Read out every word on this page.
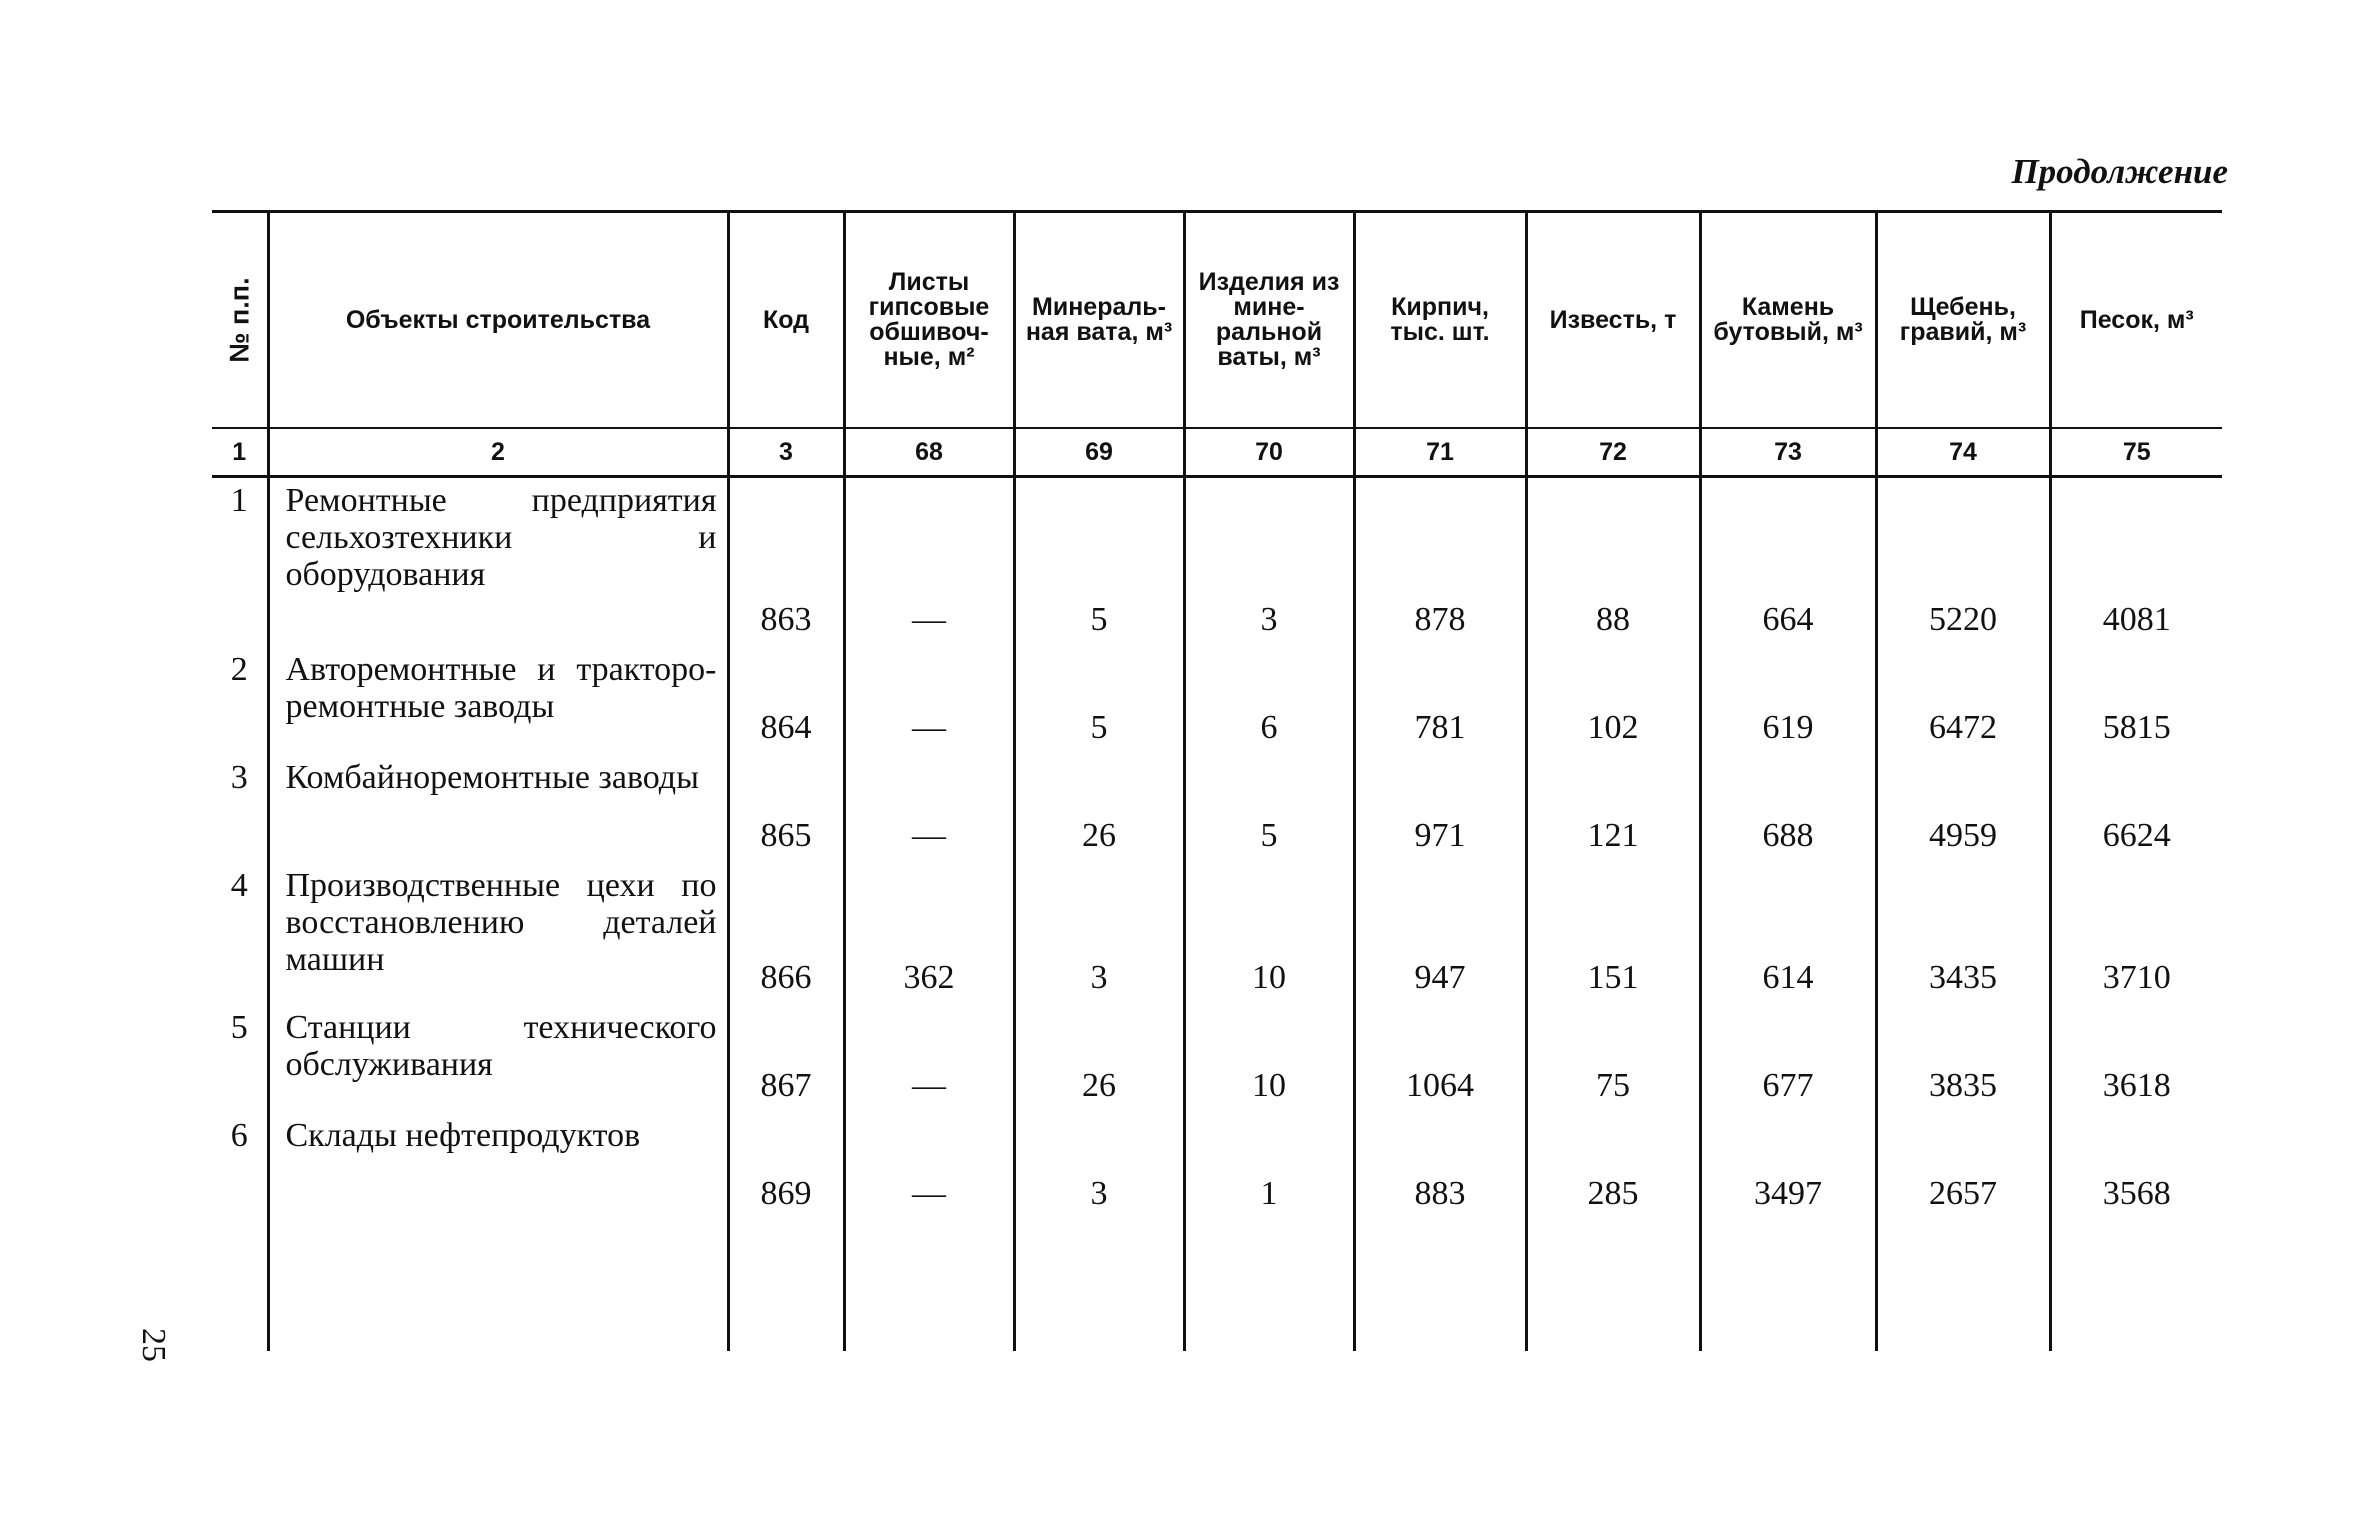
Продолжение
№ п.п.	Объекты строительства	Код	Листы гипсовые обшивоч-ные, м²	Минераль-ная вата, м³	Изделия из мине-ральной ваты, м³	Кирпич, тыс. шт.	Известь, т	Камень бутовый, м³	Щебень, гравий, м³	Песок, м³
1	2	3	68	69	70	71	72	73	74	75
1	Ремонтные предприятия сельхозтехники и оборудования	863	—	5	3	878	88	664	5220	4081
2	Авторемонтные и трактороремонтные заводы	864	—	5	6	781	102	619	6472	5815
3	Комбайноремонтные заводы	865	—	26	5	971	121	688	4959	6624
4	Производственные цехи по восстановлению деталей машин	866	362	3	10	947	151	614	3435	3710
5	Станции технического обслуживания	867	—	26	10	1064	75	677	3835	3618
6	Склады нефтепродуктов	869	—	3	1	883	285	3497	2657	3568

25
